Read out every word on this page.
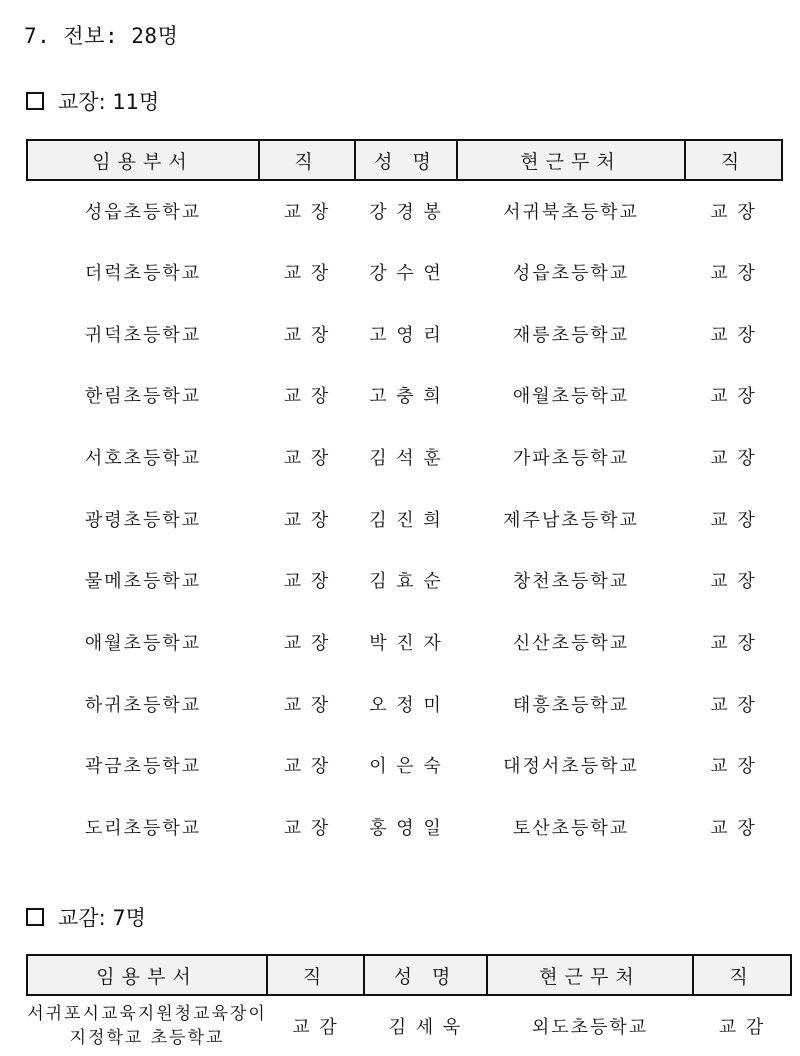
7. 전보: 28명
교장: 11명
임용부서	직	성 명	현근무처	직
성읍초등학교	교 장	강 경 봉	서귀북초등학교	교 장
더럭초등학교	교 장	강 수 연	성읍초등학교	교 장
귀덕초등학교	교 장	고 영 리	재릉초등학교	교 장
한림초등학교	교 장	고 충 희	애월초등학교	교 장
서호초등학교	교 장	김 석 훈	가파초등학교	교 장
광령초등학교	교 장	김 진 희	제주남초등학교	교 장
물메초등학교	교 장	김 효 순	창천초등학교	교 장
애월초등학교	교 장	박 진 자	신산초등학교	교 장
하귀초등학교	교 장	오 정 미	태흥초등학교	교 장
곽금초등학교	교 장	이 은 숙	대정서초등학교	교 장
도리초등학교	교 장	홍 영 일	토산초등학교	교 장
교감: 7명
임용부서	직	성 명	현근무처	직

서귀포시교육지원청교육장이
지정학교 초등학교	교 감	김 세 욱	외도초등학교	교 감
